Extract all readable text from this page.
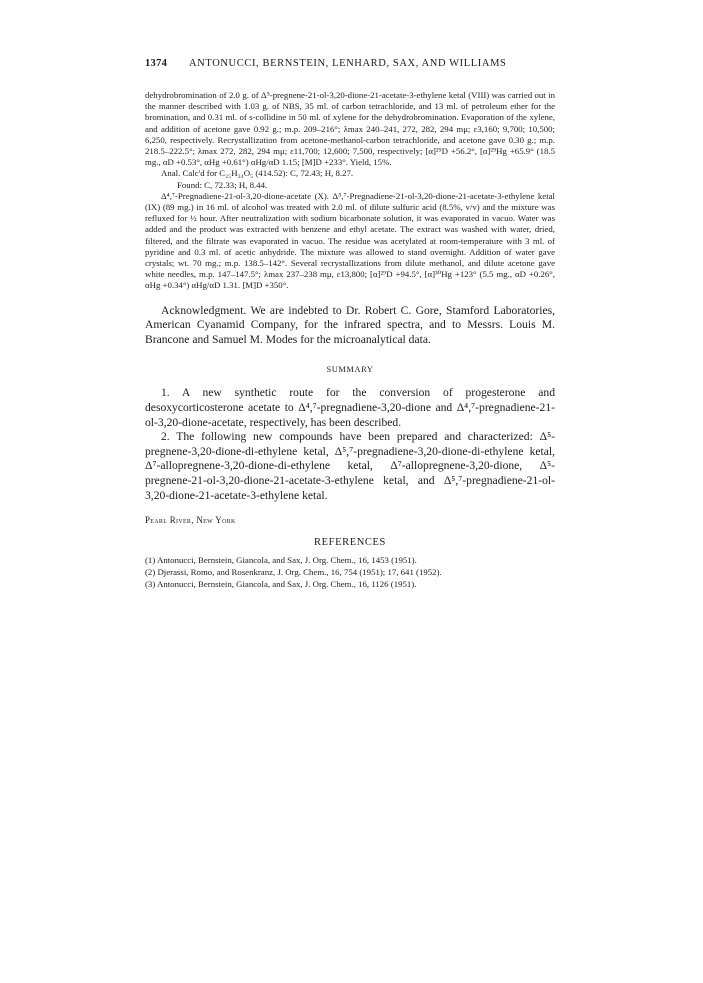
1374	ANTONUCCI, BERNSTEIN, LENHARD, SAX, AND WILLIAMS

dehydrobromination of 2.0 g. of Δ⁵-pregnene-21-ol-3,20-dione-21-acetate-3-ethylene ketal (VIII) was carried out in the manner described with 1.03 g. of NBS, 35 ml. of carbon tetrachloride, and 13 ml. of petroleum ether for the bromination, and 0.31 ml. of s-collidine in 50 ml. of xylene for the dehydrobromination. Evaporation of the xylene, and addition of acetone gave 0.92 g.; m.p. 209–216°; λmax 240–241, 272, 282, 294 mμ; ε3,160; 9,700; 10,500; 6,250, respectively. Recrystallization from acetone-methanol-carbon tetrachloride, and acetone gave 0.30 g.; m.p. 218.5–222.5°; λmax 272, 282, 294 mμ; ε11,700; 12,600; 7,500, respectively; [α]²⁹D +56.2°, [α]²⁹Hg +65.9° (18.5 mg., αD +0.53°, αHg +0.61°) αHg/αD 1.15; [M]D +233°. Yield, 15%.

Anal. Calc'd for C₂₅H₃₄O₅ (414.52): C, 72.43; H, 8.27.

Found: C, 72.33; H, 8.44.

Δ⁴,⁷-Pregnadiene-21-ol-3,20-dione-acetate (X). Δ⁵,⁷-Pregnadiene-21-ol-3,20-dione-21-acetate-3-ethylene ketal (IX) (89 mg.) in 16 ml. of alcohol was treated with 2.0 ml. of dilute sulfuric acid (8.5%, v/v) and the mixture was refluxed for ½ hour. After neutralization with sodium bicarbonate solution, it was evaporated in vacuo. Water was added and the product was extracted with benzene and ethyl acetate. The extract was washed with water, dried, filtered, and the filtrate was evaporated in vacuo. The residue was acetylated at room-temperature with 3 ml. of pyridine and 0.3 ml. of acetic anhydride. The mixture was allowed to stand overnight. Addition of water gave crystals; wt. 70 mg.; m.p. 138.5–142°. Several recrystallizations from dilute methanol, and dilute acetone gave white needles, m.p. 147–147.5°; λmax 237–238 mμ, ε13,800; [α]²⁹D +94.5°, [α]³⁰Hg +123° (5.5 mg., αD +0.26°, αHg +0.34°) αHg/αD 1.31. [M]D +350°.

Acknowledgment. We are indebted to Dr. Robert C. Gore, Stamford Laboratories, American Cyanamid Company, for the infrared spectra, and to Messrs. Louis M. Brancone and Samuel M. Modes for the microanalytical data.

SUMMARY

1. A new synthetic route for the conversion of progesterone and desoxycorticosterone acetate to Δ⁴,⁷-pregnadiene-3,20-dione and Δ⁴,⁷-pregnadiene-21-ol-3,20-dione-acetate, respectively, has been described.

2. The following new compounds have been prepared and characterized: Δ⁵-pregnene-3,20-dione-di-ethylene ketal, Δ⁵,⁷-pregnadiene-3,20-dione-di-ethylene ketal, Δ⁷-allopregnene-3,20-dione-di-ethylene ketal, Δ⁷-allopregnene-3,20-dione, Δ⁵-pregnene-21-ol-3,20-dione-21-acetate-3-ethylene ketal, and Δ⁵,⁷-pregnadiene-21-ol-3,20-dione-21-acetate-3-ethylene ketal.

Pearl River, New York

REFERENCES

(1) Antonucci, Bernstein, Giancola, and Sax, J. Org. Chem., 16, 1453 (1951).

(2) Djerassi, Romo, and Rosenkranz, J. Org. Chem., 16, 754 (1951); 17, 641 (1952).

(3) Antonucci, Bernstein, Giancola, and Sax, J. Org. Chem., 16, 1126 (1951).
